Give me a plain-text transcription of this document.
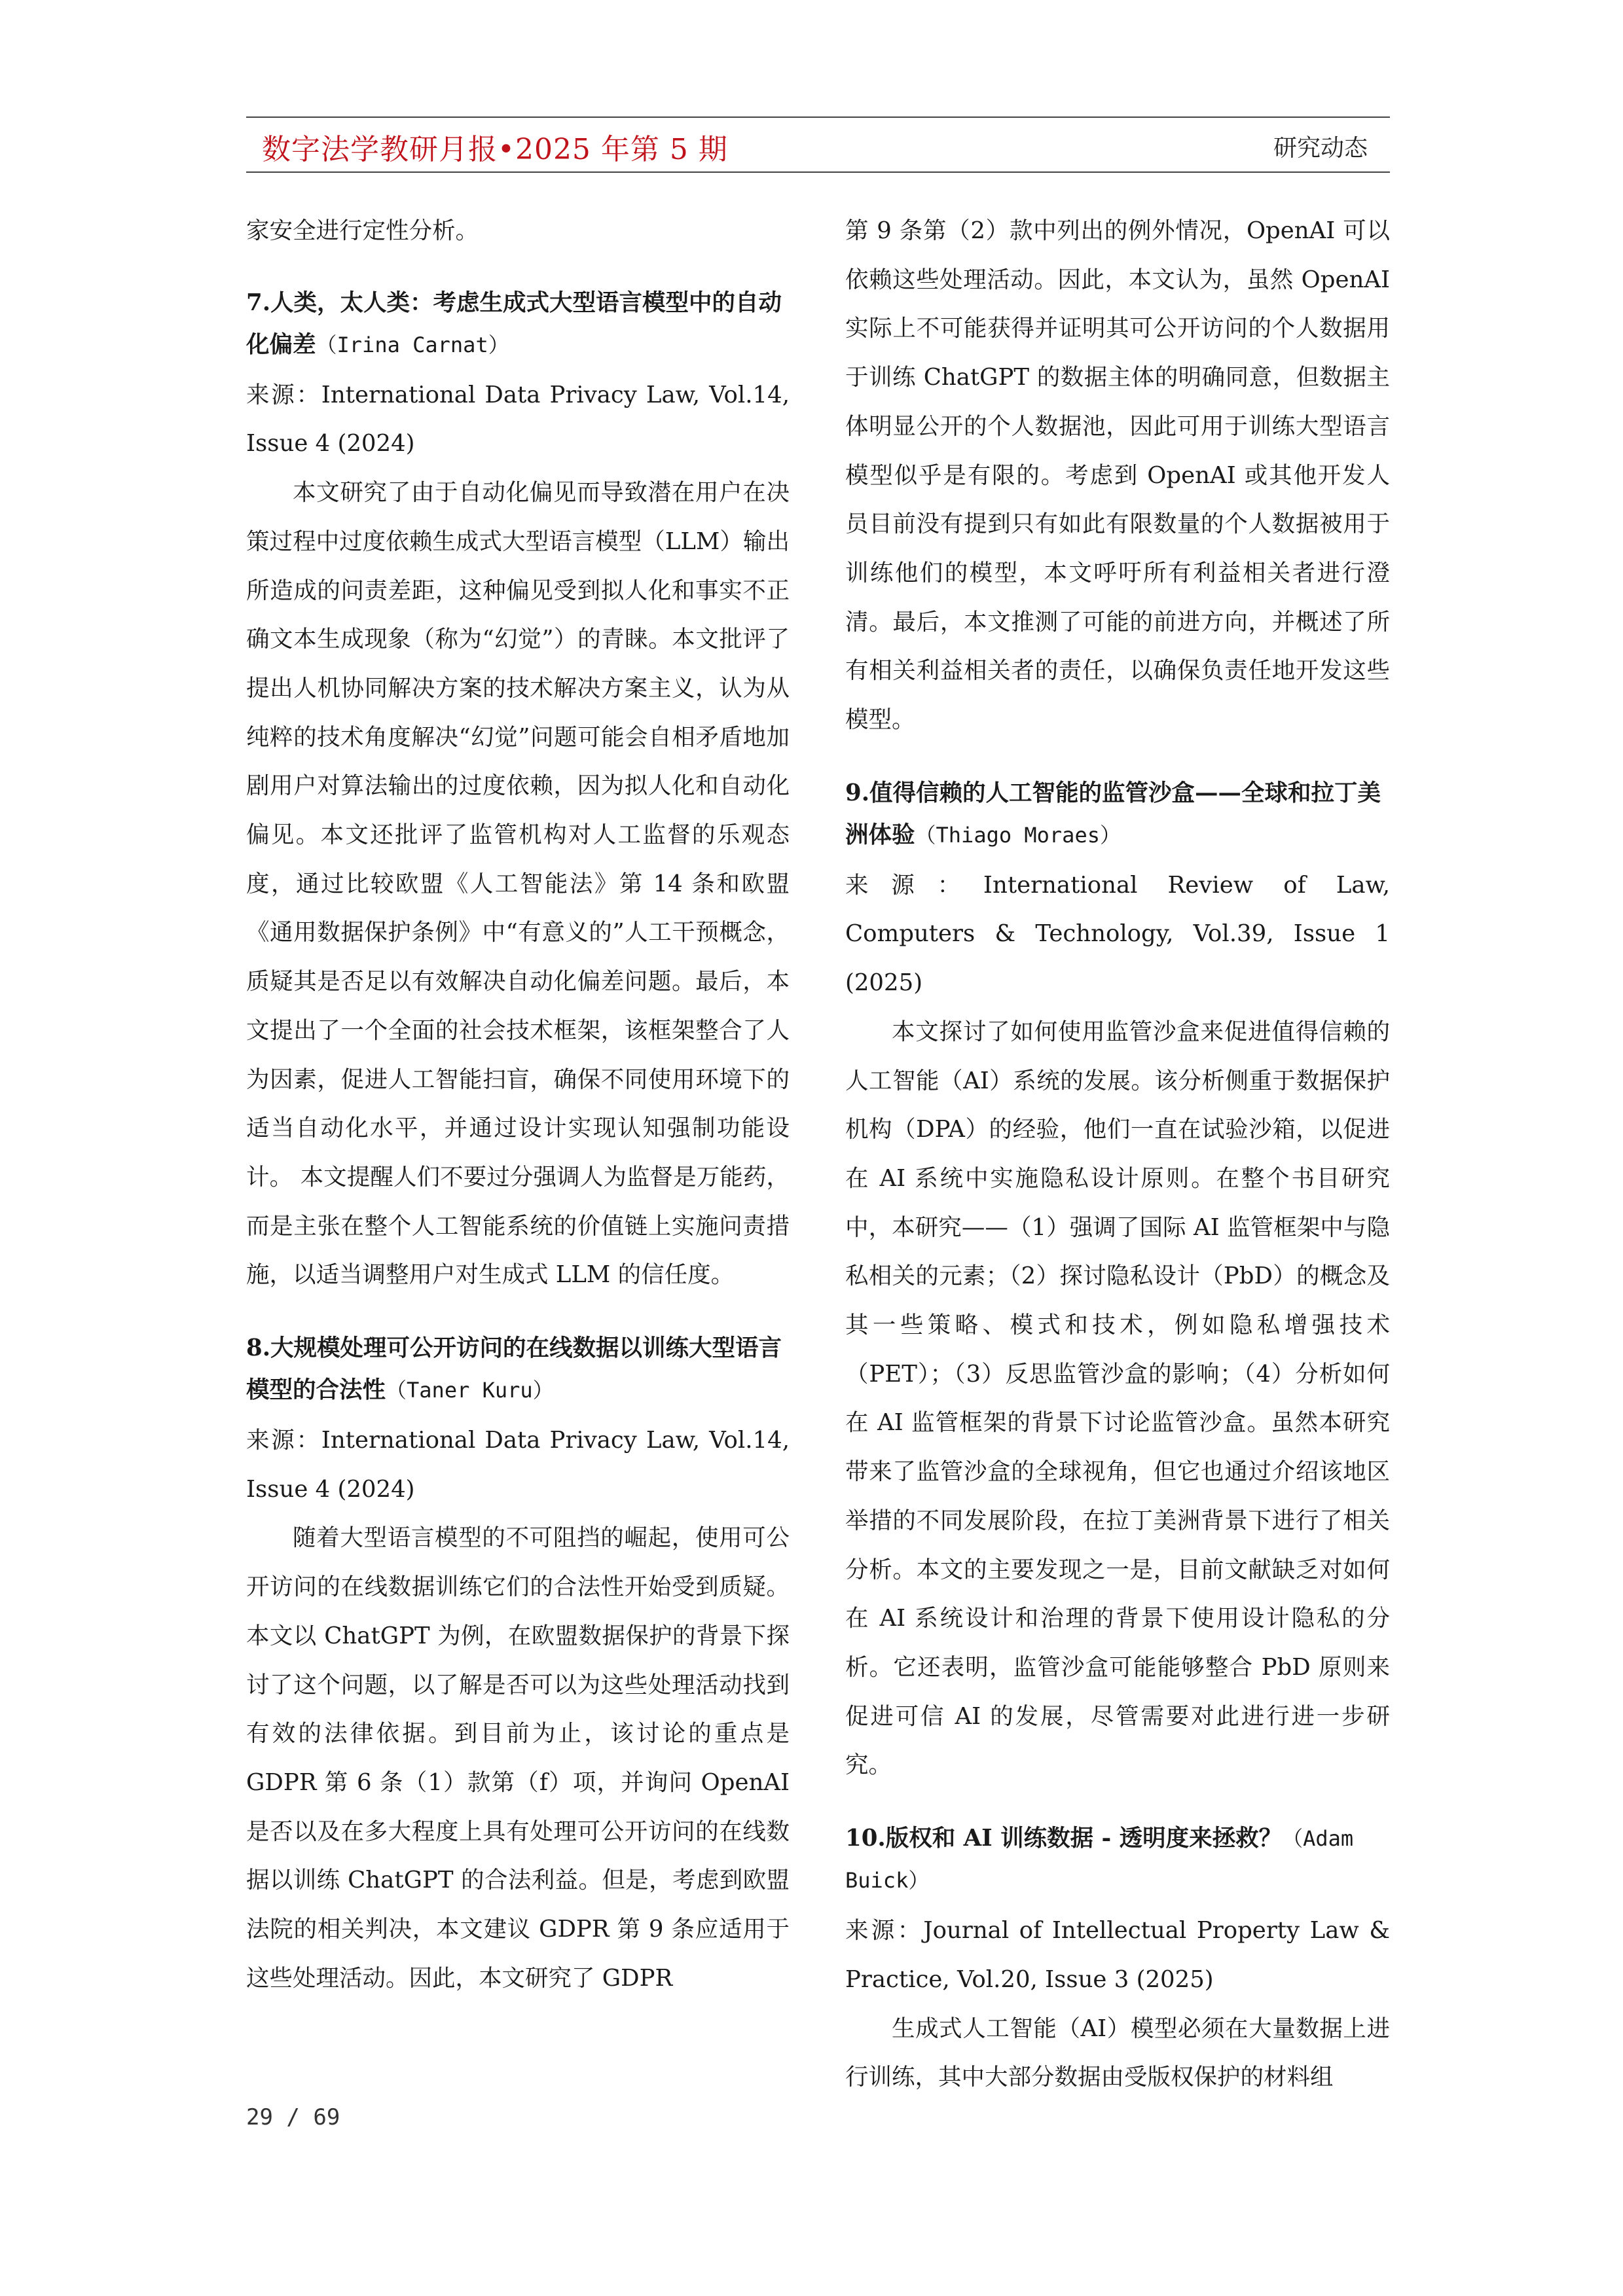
数字法学教研月报•2025 年第 5 期	研究动态

家安全进行定性分析。

7.人类，太人类：考虑生成式大型语言模型中的自动化偏差（Irina Carnat）

来源：International Data Privacy Law, Vol.14, Issue 4 (2024)

本文研究了由于自动化偏见而导致潜在用户在决策过程中过度依赖生成式大型语言模型（LLM）输出所造成的问责差距，这种偏见受到拟人化和事实不正确文本生成现象（称为“幻觉”）的青睐。本文批评了提出人机协同解决方案的技术解决方案主义，认为从纯粹的技术角度解决“幻觉”问题可能会自相矛盾地加剧用户对算法输出的过度依赖，因为拟人化和自动化偏见。本文还批评了监管机构对人工监督的乐观态度，通过比较欧盟《人工智能法》第 14 条和欧盟《通用数据保护条例》中“有意义的”人工干预概念，质疑其是否足以有效解决自动化偏差问题。最后，本文提出了一个全面的社会技术框架，该框架整合了人为因素，促进人工智能扫盲，确保不同使用环境下的适当自动化水平，并通过设计实现认知强制功能设计。 本文提醒人们不要过分强调人为监督是万能药，而是主张在整个人工智能系统的价值链上实施问责措施，以适当调整用户对生成式 LLM 的信任度。

8.大规模处理可公开访问的在线数据以训练大型语言模型的合法性（Taner Kuru）

来源：International Data Privacy Law, Vol.14, Issue 4 (2024)

随着大型语言模型的不可阻挡的崛起，使用可公开访问的在线数据训练它们的合法性开始受到质疑。本文以 ChatGPT 为例，在欧盟数据保护的背景下探讨了这个问题，以了解是否可以为这些处理活动找到有效的法律依据。到目前为止，该讨论的重点是 GDPR 第 6 条（1）款第（f）项，并询问 OpenAI 是否以及在多大程度上具有处理可公开访问的在线数据以训练 ChatGPT 的合法利益。但是，考虑到欧盟法院的相关判决，本文建议 GDPR 第 9 条应适用于这些处理活动。因此，本文研究了 GDPR

第 9 条第（2）款中列出的例外情况，OpenAI 可以依赖这些处理活动。因此，本文认为，虽然 OpenAI 实际上不可能获得并证明其可公开访问的个人数据用于训练 ChatGPT 的数据主体的明确同意，但数据主体明显公开的个人数据池，因此可用于训练大型语言模型似乎是有限的。考虑到 OpenAI 或其他开发人员目前没有提到只有如此有限数量的个人数据被用于训练他们的模型，本文呼吁所有利益相关者进行澄清。最后，本文推测了可能的前进方向，并概述了所有相关利益相关者的责任，以确保负责任地开发这些模型。

9.值得信赖的人工智能的监管沙盒——全球和拉丁美洲体验（Thiago Moraes）

来源：International Review of Law, Computers & Technology, Vol.39, Issue 1 (2025)

本文探讨了如何使用监管沙盒来促进值得信赖的人工智能（AI）系统的发展。该分析侧重于数据保护机构（DPA）的经验，他们一直在试验沙箱，以促进在 AI 系统中实施隐私设计原则。在整个书目研究中，本研究——（1）强调了国际 AI 监管框架中与隐私相关的元素；（2）探讨隐私设计（PbD）的概念及其一些策略、模式和技术，例如隐私增强技术（PET）；（3）反思监管沙盒的影响；（4）分析如何在 AI 监管框架的背景下讨论监管沙盒。虽然本研究带来了监管沙盒的全球视角，但它也通过介绍该地区举措的不同发展阶段，在拉丁美洲背景下进行了相关分析。本文的主要发现之一是，目前文献缺乏对如何在 AI 系统设计和治理的背景下使用设计隐私的分析。它还表明，监管沙盒可能能够整合 PbD 原则来促进可信 AI 的发展，尽管需要对此进行进一步研究。

10.版权和 AI 训练数据 - 透明度来拯救？（Adam Buick）

来源：Journal of Intellectual Property Law & Practice, Vol.20, Issue 3 (2025)

生成式人工智能（AI）模型必须在大量数据上进行训练，其中大部分数据由受版权保护的材料组

29 / 69
